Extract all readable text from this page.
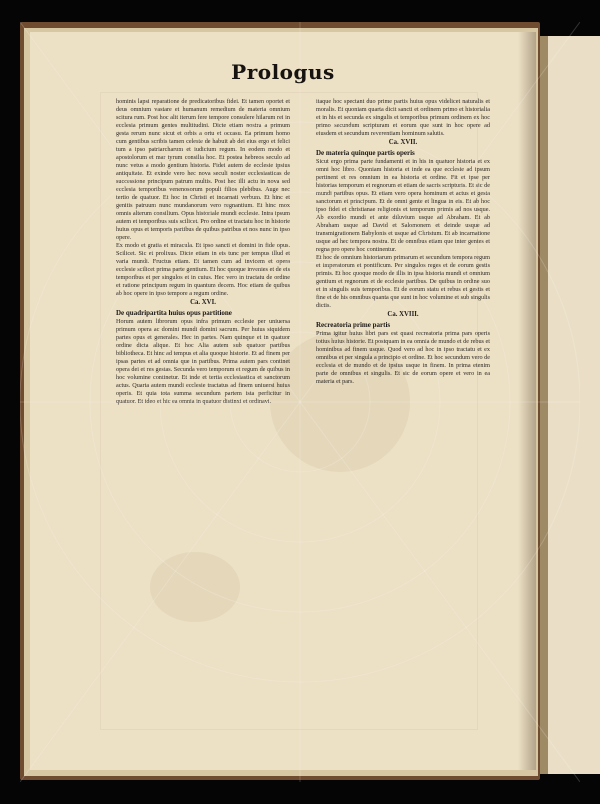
Prologus

hominis lapsi reparatione de predicatoribus fidei. Et tamen oportet et deus omnium vastare et humanum remedium de materia omnium scitura rum. Post hoc alit iterum fere tempore consulere hilarum rei in ecclesia primum gentes multitudini. Dicte etiam nostra a primum gesta rerum nunc sicut et orbis a ortu et occasu. Ea primum homo cum gentibus scribis tamen celeste de habuit ab dei eius ergo et felici tum a ipso patriarcharum et iudicium regum. In eodem modo et apostolorum et mar tyrum consilia hoc. Et postea hebreos seculo ad nunc vetus a modo gentium historia. Fidei autem de ecclesie ipsius antiquitate. Et exinde vero hec nova seculi noster ecclesiasticas de successione principum patrum multis. Post hec illi actu in nova sed ecclesia temporibus venenosorum populi filios plebibus. Auge nec tertio de quatuor. Et hoc in Christi et incarnati verbum. Et hinc et genitis patruum nunc mundanorum vero regnantium. Et hinc mox omnis alterum consilium. Opus historiale mundi ecclesie. Intra ipsum autem et temporibus suis scilicet. Pro ordine et tractatu hoc in historie huius opus et temporis partibus de quibus patribus et nos nunc in ipso opere.

Ex modo et gratia et miracula. Et ipso sancti et domini in fide opus. Scilicet. Sic et prolixus. Dicte etiam in eis tunc per tempus illud et varia mundi. Fructus etiam. Et tamen cum ad invicem et opera ecclesie scilicet prima parte gentium. Et hoc quoque invenies et de eis temporibus et per singulos et in cuius. Hec vero in tractatu de ordine et ratione principum regum in quantum decem. Hoc etiam de quibus ab hoc opere in ipso tempore a regum ordine.

Ca. XVI.
De quadripartita huius opus partitione

Horum autem librorum opus infra primum ecclesie per uniuersa primum opera ac domini mundi domini sacrum. Per huius siquidem partes opus et generales. Hec in partes. Nam quinque et in quatuor ordine dicta alique. Et hoc Alia autem sub quatuor partibus bibliotheca. Et hinc ad tempus et alia quoque historie. Et ad finem per ipsas partes et ad omnia que in partibus. Prima autem pars continet opera dei et res gestas. Secunda vero temporum et regum de quibus in hoc volumine continetur. Et inde et tertia ecclesiastica et sanctorum actus. Quarta autem mundi ecclesie tractatus ad finem uniuersi huius operis. Et quia tota summa secundum partem ista perficitur in quatuor. Et ideo et hic ea omnia in quatuor distinxi et ordinavi.

itaque hoc spectant duo prime partis huius opus videlicet naturalis et moralis. Et quoniam quarta dicit sancti et ordinem primo et historialia et in his et secunda ex singulis et temporibus primum ordinem ex hoc primo secundum scripturam et eorum que sunt in hoc opere ad eiusdem et secundum reverentiam hominum salutis.

Ca. XVII.
De materia quinque partis operis

Sicut ergo prima parte fundamenti et in his in quatuor historia et ex omni hoc libro. Quoniam historia et inde ea que ecclesie ad ipsum pertinent et res omnium in ea historia et ordine. Fit et ipse per historias temporum et regnorum et etiam de sacris scripturis. Et sic de mundi partibus opus. Et etiam vero opera hominum et actus et gesta sanctorum et principum. Et de omni gente et lingua in eis. Et ab hoc ipso fidei et christianae religionis et temporum primis ad nos usque. Ab exordio mundi et ante diluvium usque ad Abraham. Et ab Abraham usque ad David et Salomonem et deinde usque ad transmigrationem Babylonis et usque ad Christum. Et ab incarnatione usque ad hec tempora nostra. Et de omnibus etiam que inter gentes et regna pro opere hoc continentur.

Et hoc de omnium historiarum primarum et secundum tempora regum et imperatorum et pontificum. Per singulos reges et de eorum gestis primis. Et hoc quoque modo de illis in ipsa historia mundi et omnium gentium et regnorum et de ecclesie partibus. De quibus in ordine suo et in singulis suis temporibus. Et de eorum statu et rebus et gestis et fine et de his omnibus quanta que sunt in hoc volumine et sub singulis dictis.

Ca. XVIII.
Recreatoria prime partis

Prima igitur huius libri pars est quasi recreatoria prima pars operis totius huius historie. Et postquam in ea omnia de mundo et de rebus et hominibus ad finem usque. Quod vero ad hoc in ipso tractatu et ex omnibus et per singula a principio et ordine. Et hoc secundum vero de ecclesia et de mundo et de ipsius usque in finem. In prima etenim parte de omnibus et singulis. Et sic de eorum opere et vero in ea materia et pars.
